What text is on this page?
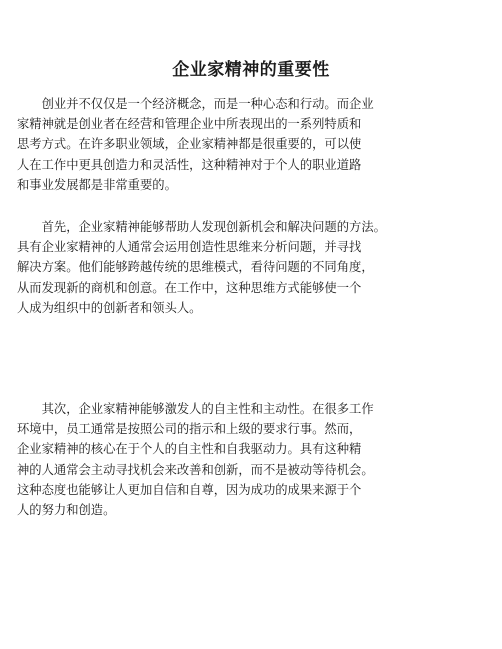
企业家精神的重要性
　　创业并不仅仅是一个经济概念，而是一种心态和行动。而企业
家精神就是创业者在经营和管理企业中所表现出的一系列特质和
思考方式。在许多职业领域，企业家精神都是很重要的，可以使
人在工作中更具创造力和灵活性，这种精神对于个人的职业道路
和事业发展都是非常重要的。
　　首先，企业家精神能够帮助人发现创新机会和解决问题的方法。
具有企业家精神的人通常会运用创造性思维来分析问题，并寻找
解决方案。他们能够跨越传统的思维模式，看待问题的不同角度，
从而发现新的商机和创意。在工作中，这种思维方式能够使一个
人成为组织中的创新者和领头人。
　　其次，企业家精神能够激发人的自主性和主动性。在很多工作
环境中，员工通常是按照公司的指示和上级的要求行事。然而，
企业家精神的核心在于个人的自主性和自我驱动力。具有这种精
神的人通常会主动寻找机会来改善和创新，而不是被动等待机会。
这种态度也能够让人更加自信和自尊，因为成功的成果来源于个
人的努力和创造。
